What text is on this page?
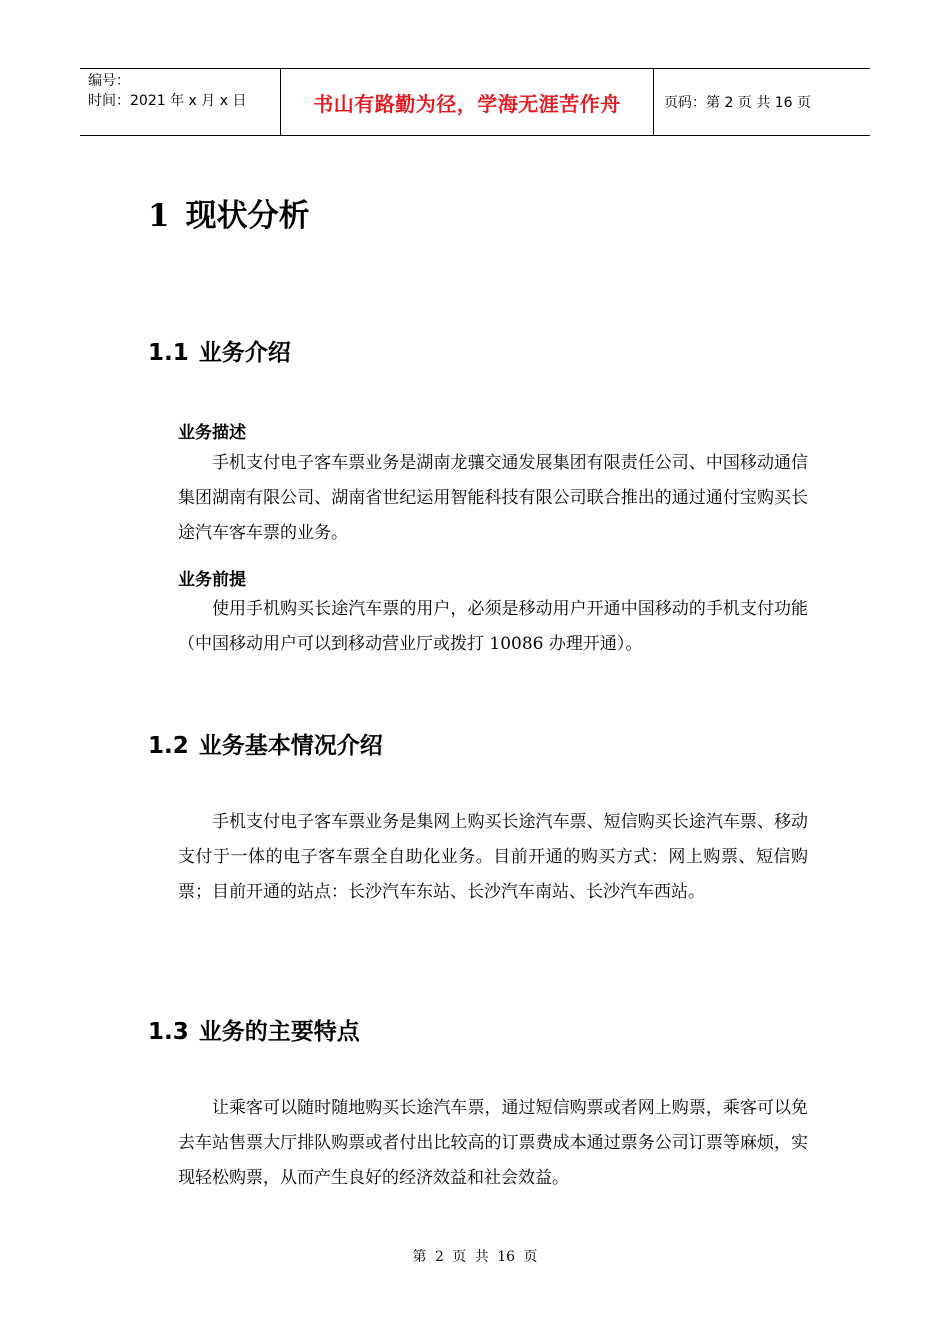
编号：
时间：2021 年 x 月 x 日	书山有路勤为径，学海无涯苦作舟	页码：第 2 页 共 16 页
1 现状分析
1.1 业务介绍
业务描述

手机支付电子客车票业务是湖南龙骧交通发展集团有限责任公司、中国移动通信集团湖南有限公司、湖南省世纪运用智能科技有限公司联合推出的通过通付宝购买长途汽车客车票的业务。

业务前提

使用手机购买长途汽车票的用户，必须是移动用户开通中国移动的手机支付功能（中国移动用户可以到移动营业厅或拨打 10086 办理开通）。

1.2 业务基本情况介绍

手机支付电子客车票业务是集网上购买长途汽车票、短信购买长途汽车票、移动支付于一体的电子客车票全自助化业务。目前开通的购买方式：网上购票、短信购票；目前开通的站点：长沙汽车东站、长沙汽车南站、长沙汽车西站。

1.3 业务的主要特点

让乘客可以随时随地购买长途汽车票，通过短信购票或者网上购票，乘客可以免去车站售票大厅排队购票或者付出比较高的订票费成本通过票务公司订票等麻烦，实现轻松购票，从而产生良好的经济效益和社会效益。

第 2 页 共 16 页
